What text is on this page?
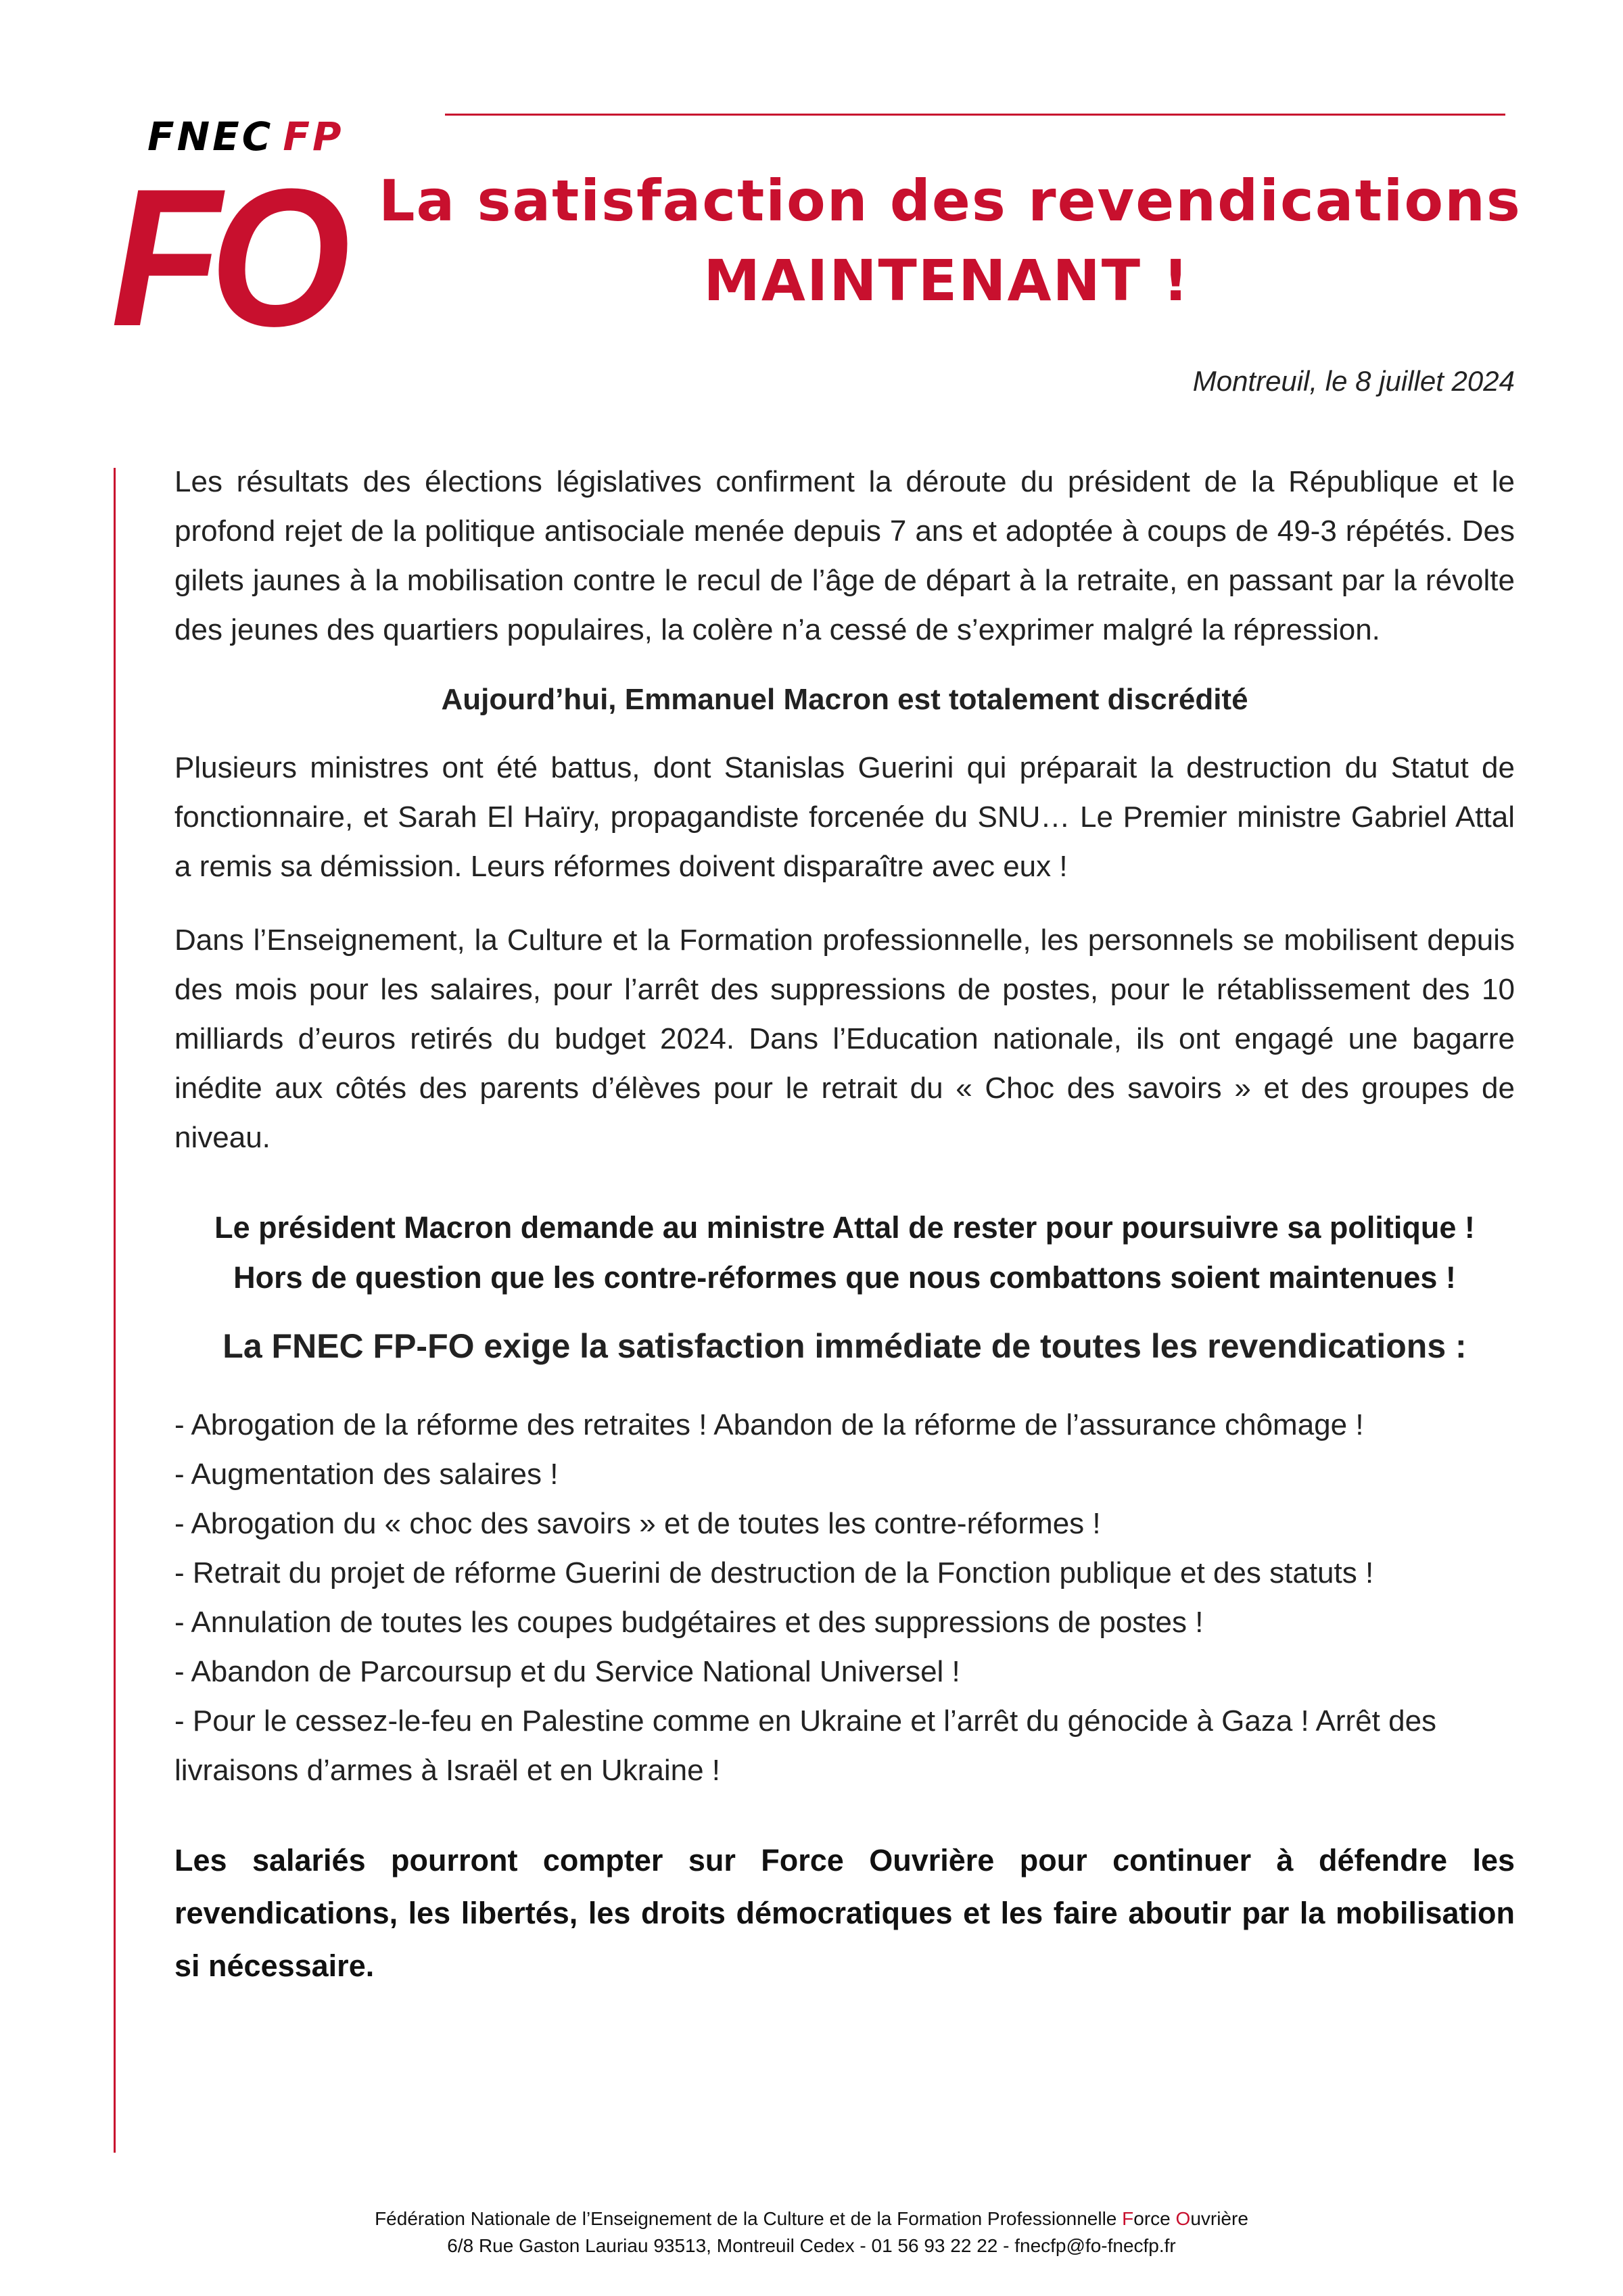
FNEC FP
FO La satisfaction des revendications
MAINTENANT !
Montreuil, le 8 juillet 2024

Les résultats des élections législatives confirment la déroute du président de la République et le profond rejet de la politique antisociale menée depuis 7 ans et adoptée à coups de 49-3 répétés. Des gilets jaunes à la mobilisation contre le recul de l’âge de départ à la retraite, en passant par la révolte des jeunes des quartiers populaires, la colère n’a cessé de s’exprimer malgré la répression.

Aujourd’hui, Emmanuel Macron est totalement discrédité

Plusieurs ministres ont été battus, dont Stanislas Guerini qui préparait la destruction du Statut de fonctionnaire, et Sarah El Haïry, propagandiste forcenée du SNU… Le Premier ministre Gabriel Attal a remis sa démission. Leurs réformes doivent disparaître avec eux !

Dans l’Enseignement, la Culture et la Formation professionnelle, les personnels se mobilisent depuis des mois pour les salaires, pour l’arrêt des suppressions de postes, pour le rétablissement des 10 milliards d’euros retirés du budget 2024. Dans l’Education nationale, ils ont engagé une bagarre inédite aux côtés des parents d’élèves pour le retrait du « Choc des savoirs » et des groupes de niveau.

Le président Macron demande au ministre Attal de rester pour poursuivre sa politique !
Hors de question que les contre-réformes que nous combattons soient maintenues !
La FNEC FP-FO exige la satisfaction immédiate de toutes les revendications :
- Abrogation de la réforme des retraites ! Abandon de la réforme de l’assurance chômage !
- Augmentation des salaires !
- Abrogation du « choc des savoirs » et de toutes les contre-réformes !
- Retrait du projet de réforme Guerini de destruction de la Fonction publique et des statuts !
- Annulation de toutes les coupes budgétaires et des suppressions de postes !
- Abandon de Parcoursup et du Service National Universel !
- Pour le cessez-le-feu en Palestine comme en Ukraine et l’arrêt du génocide à Gaza ! Arrêt des livraisons d’armes à Israël et en Ukraine !

Les salariés pourront compter sur Force Ouvrière pour continuer à défendre les revendications, les libertés, les droits démocratiques et les faire aboutir par la mobilisation si nécessaire.

Fédération Nationale de l’Enseignement de la Culture et de la Formation Professionnelle Force Ouvrière
6/8 Rue Gaston Lauriau 93513, Montreuil Cedex - 01 56 93 22 22 - fnecfp@fo-fnecfp.fr
